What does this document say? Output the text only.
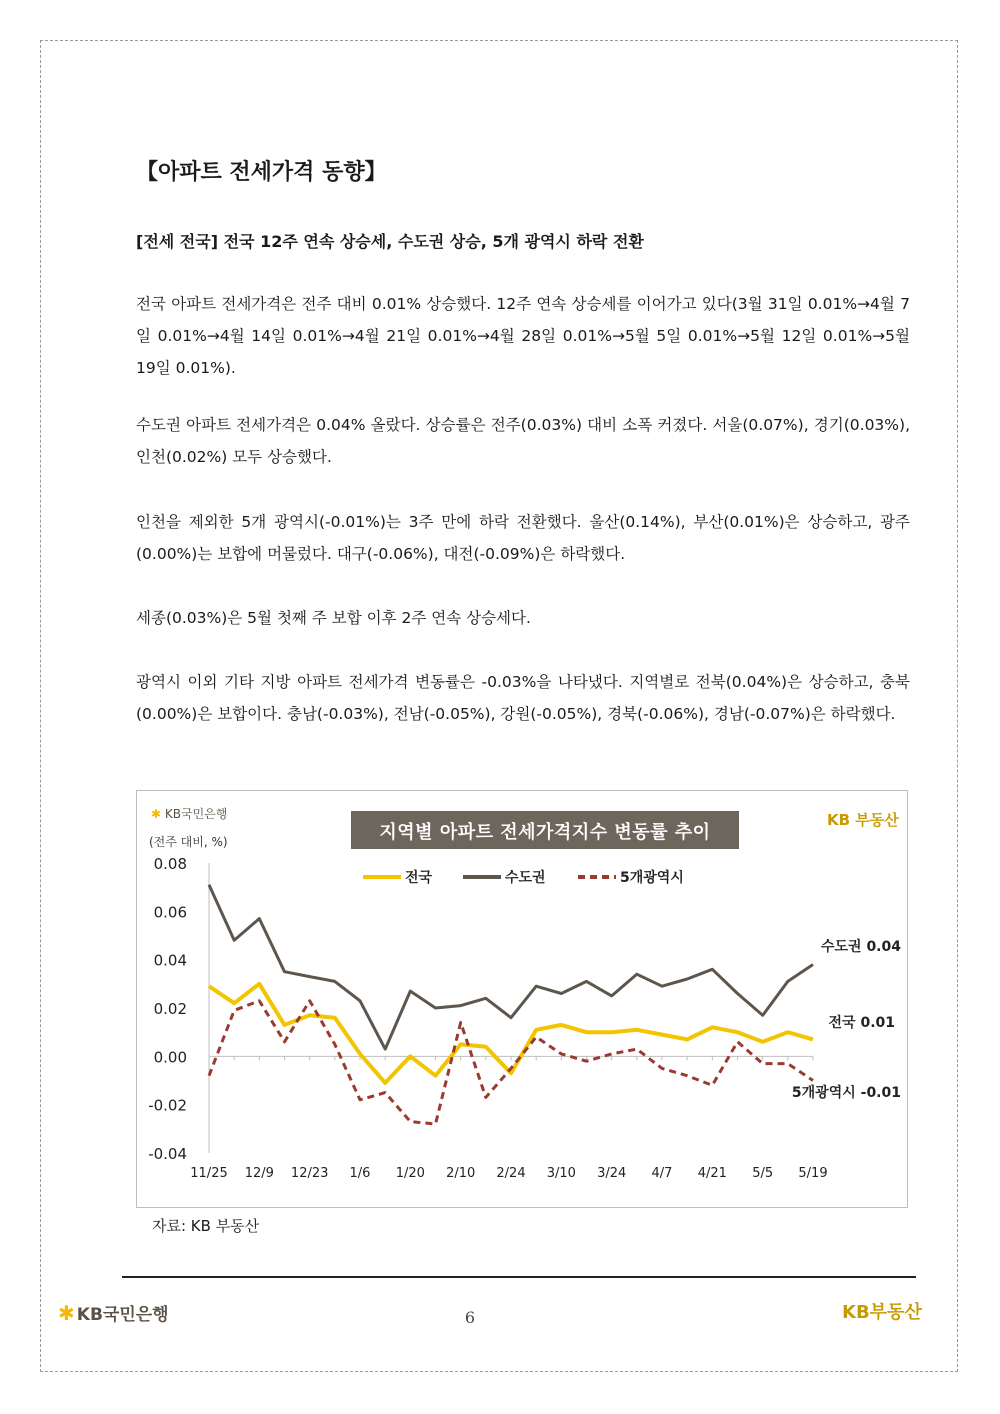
【아파트 전세가격 동향】
[전세 전국] 전국 12주 연속 상승세, 수도권 상승, 5개 광역시 하락 전환
전국 아파트 전세가격은 전주 대비 0.01% 상승했다. 12주 연속 상승세를 이어가고 있다(3월 31일 0.01%→4월 7일 0.01%→4월 14일 0.01%→4월 21일 0.01%→4월 28일 0.01%→5월 5일 0.01%→5월 12일 0.01%→5월 19일 0.01%).
수도권 아파트 전세가격은 0.04% 올랐다. 상승률은 전주(0.03%) 대비 소폭 커졌다. 서울(0.07%), 경기(0.03%), 인천(0.02%) 모두 상승했다.
인천을 제외한 5개 광역시(-0.01%)는 3주 만에 하락 전환했다. 울산(0.14%), 부산(0.01%)은 상승하고, 광주(0.00%)는 보합에 머물렀다. 대구(-0.06%), 대전(-0.09%)은 하락했다.
세종(0.03%)은 5월 첫째 주 보합 이후 2주 연속 상승세다.
광역시 이외 기타 지방 아파트 전세가격 변동률은 -0.03%을 나타냈다. 지역별로 전북(0.04%)은 상승하고, 충북(0.00%)은 보합이다. 충남(-0.03%), 전남(-0.05%), 강원(-0.05%), 경북(-0.06%), 경남(-0.07%)은 하락했다.
✱ KB국민은행
지역별 아파트 전세가격지수 변동률 추이
KB 부동산
(전주 대비, %)
0.08
0.06
0.04
0.02
0.00
-0.02
-0.04
11/25 12/9 12/23 1/6 1/20 2/10 2/24 3/10 3/24 4/7 4/21 5/5 5/19
전국	수도권	5개광역시
수도권 0.04
전국 0.01
5개광역시 -0.01
자료: KB 부동산
✱ KB국민은행	6	KB부동산
